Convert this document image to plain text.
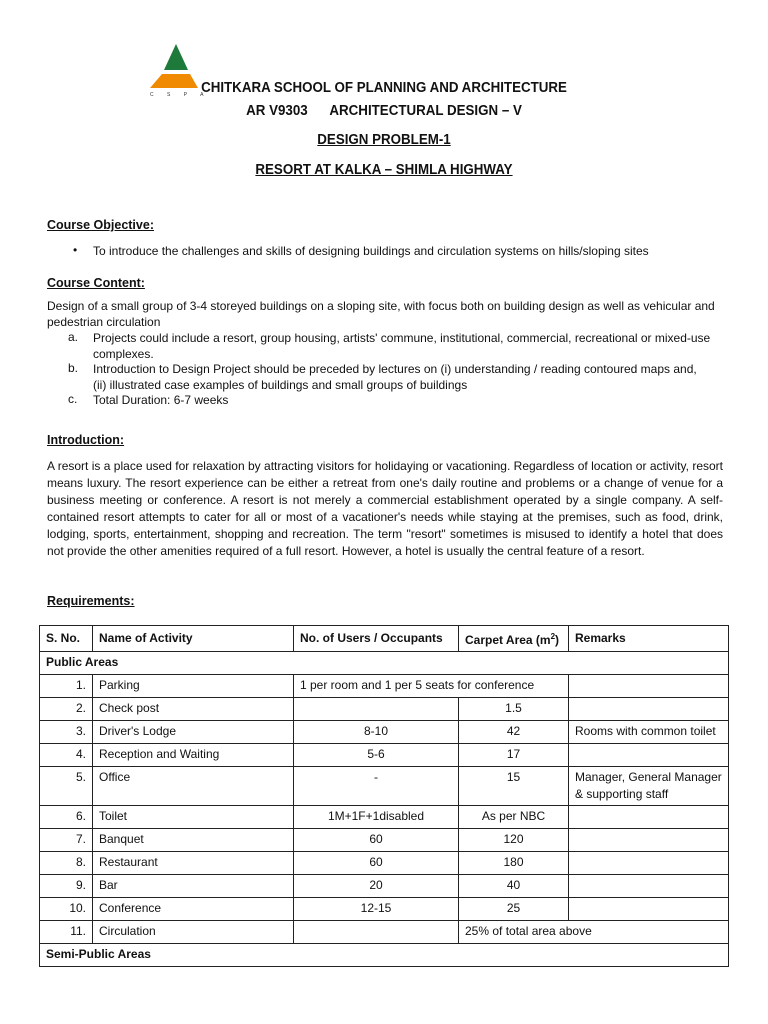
C S P A
CHITKARA SCHOOL OF PLANNING AND ARCHITECTURE
AR V9303      ARCHITECTURAL DESIGN – V
DESIGN PROBLEM-1
RESORT AT KALKA – SHIMLA HIGHWAY
Course Objective:
• To introduce the challenges and skills of designing buildings and circulation systems on hills/sloping sites
Course Content:
Design of a small group of 3-4 storeyed buildings on a sloping site, with focus both on building design as well as vehicular and pedestrian circulation
a. Projects could include a resort, group housing, artists' commune, institutional, commercial, recreational or mixed-use complexes.
b. Introduction to Design Project should be preceded by lectures on (i) understanding / reading contoured maps and, (ii) illustrated case examples of buildings and small groups of buildings
c. Total Duration: 6-7 weeks
Introduction:
A resort is a place used for relaxation by attracting visitors for holidaying or vacationing. Regardless of location or activity, resort means luxury. The resort experience can be either a retreat from one's daily routine and problems or a change of venue for a business meeting or conference. A resort is not merely a commercial establishment operated by a single company. A self-contained resort attempts to cater for all or most of a vacationer's needs while staying at the premises, such as food, drink, lodging, sports, entertainment, shopping and recreation. The term "resort" sometimes is misused to identify a hotel that does not provide the other amenities required of a full resort. However, a hotel is usually the central feature of a resort.
Requirements:
S. No.	Name of Activity	No. of Users / Occupants	Carpet Area $(m^2)$	Remarks
Public Areas				
1.	Parking	1 per room and 1 per 5 seats for conference		
2.	Check post		1.5	
3.	Driver's Lodge	8-10	42	Rooms with common toilet
4.	Reception and Waiting	5-6	17	
5.	Office	-	15	Manager, General Manager & supporting staff
6.	Toilet	1M+1F+1disabled	As per NBC	
7.	Banquet	60	120	
8.	Restaurant	60	180	
9.	Bar	20	40	
10.	Conference	12-15	25	
11.	Circulation		25% of total area above	
Semi-Public Areas				
